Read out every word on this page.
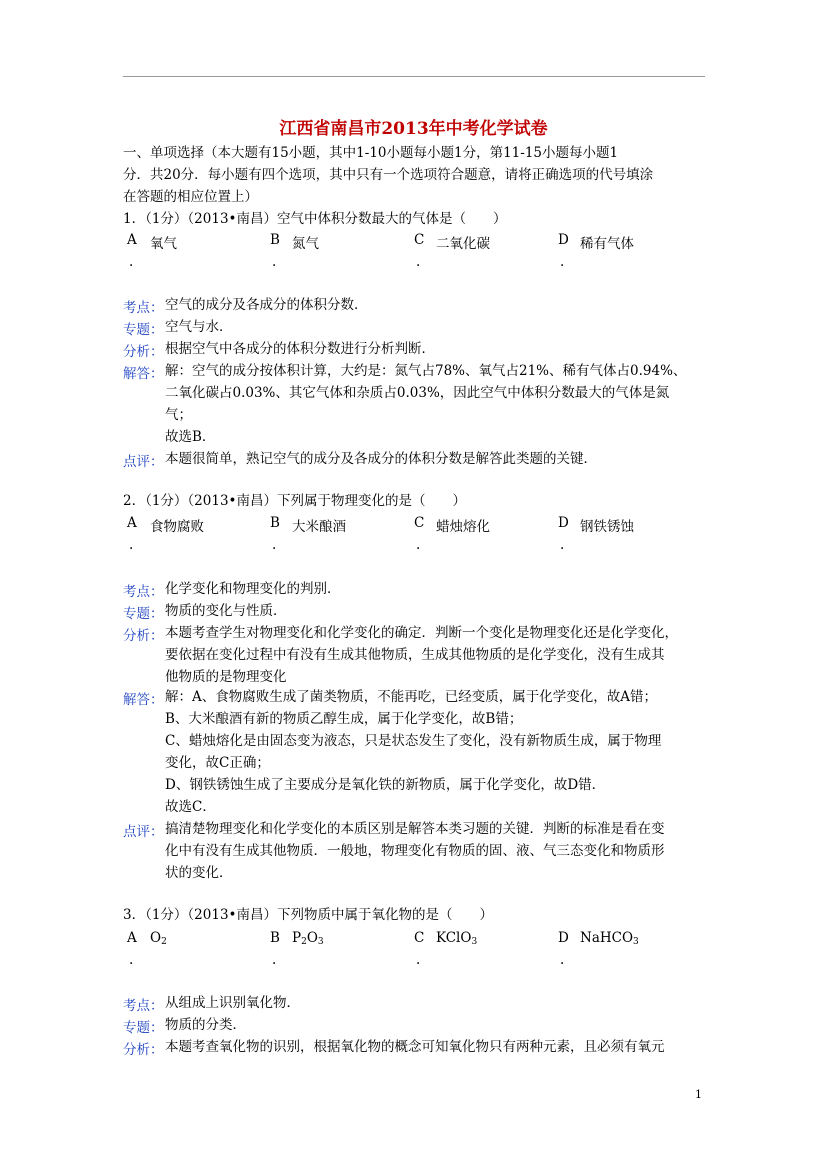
江西省南昌市2013年中考化学试卷
一、单项选择（本大题有15小题，其中1-10小题每小题1分，第11-15小题每小题1
分．共20分．每小题有四个选项，其中只有一个选项符合题意，请将正确选项的代号填涂
在答题的相应位置上）
1．（1分）（2013•南昌）空气中体积分数最大的气体是（　　）
A 氧气	B 氮气	C 二氧化碳	D 稀有气体
.	.	.	.
考点： 空气的成分及各成分的体积分数．
专题： 空气与水．
分析： 根据空气中各成分的体积分数进行分析判断．
解答： 解：空气的成分按体积计算，大约是：氮气占78%、氧气占21%、稀有气体占0.94%、
二氧化碳占0.03%、其它气体和杂质占0.03%，因此空气中体积分数最大的气体是氮
气；
故选B．
点评： 本题很简单，熟记空气的成分及各成分的体积分数是解答此类题的关键．
2．（1分）（2013•南昌）下列属于物理变化的是（　　）
A 食物腐败	B 大米酿酒	C 蜡烛熔化	D 钢铁锈蚀
.	.	.	.
考点： 化学变化和物理变化的判别．
专题： 物质的变化与性质．
分析： 本题考查学生对物理变化和化学变化的确定．判断一个变化是物理变化还是化学变化，
要依据在变化过程中有没有生成其他物质，生成其他物质的是化学变化，没有生成其
他物质的是物理变化
解答： 解：A、食物腐败生成了菌类物质，不能再吃，已经变质，属于化学变化，故A错；
B、大米酿酒有新的物质乙醇生成，属于化学变化，故B错；
C、蜡烛熔化是由固态变为液态，只是状态发生了变化，没有新物质生成，属于物理
变化，故C正确；
D、钢铁锈蚀生成了主要成分是氧化铁的新物质，属于化学变化，故D错．
故选C．
点评： 搞清楚物理变化和化学变化的本质区别是解答本类习题的关键．判断的标准是看在变
化中有没有生成其他物质．一般地，物理变化有物质的固、液、气三态变化和物质形
状的变化．
3．（1分）（2013•南昌）下列物质中属于氧化物的是（　　）
A $O_2$	B $P_2O_3$	C KClO$_3$	D NaHCO$_3$
.	.	.	.
考点： 从组成上识别氧化物．
专题： 物质的分类．
分析： 本题考查氧化物的识别，根据氧化物的概念可知氧化物只有两种元素，且必须有氧元
1
